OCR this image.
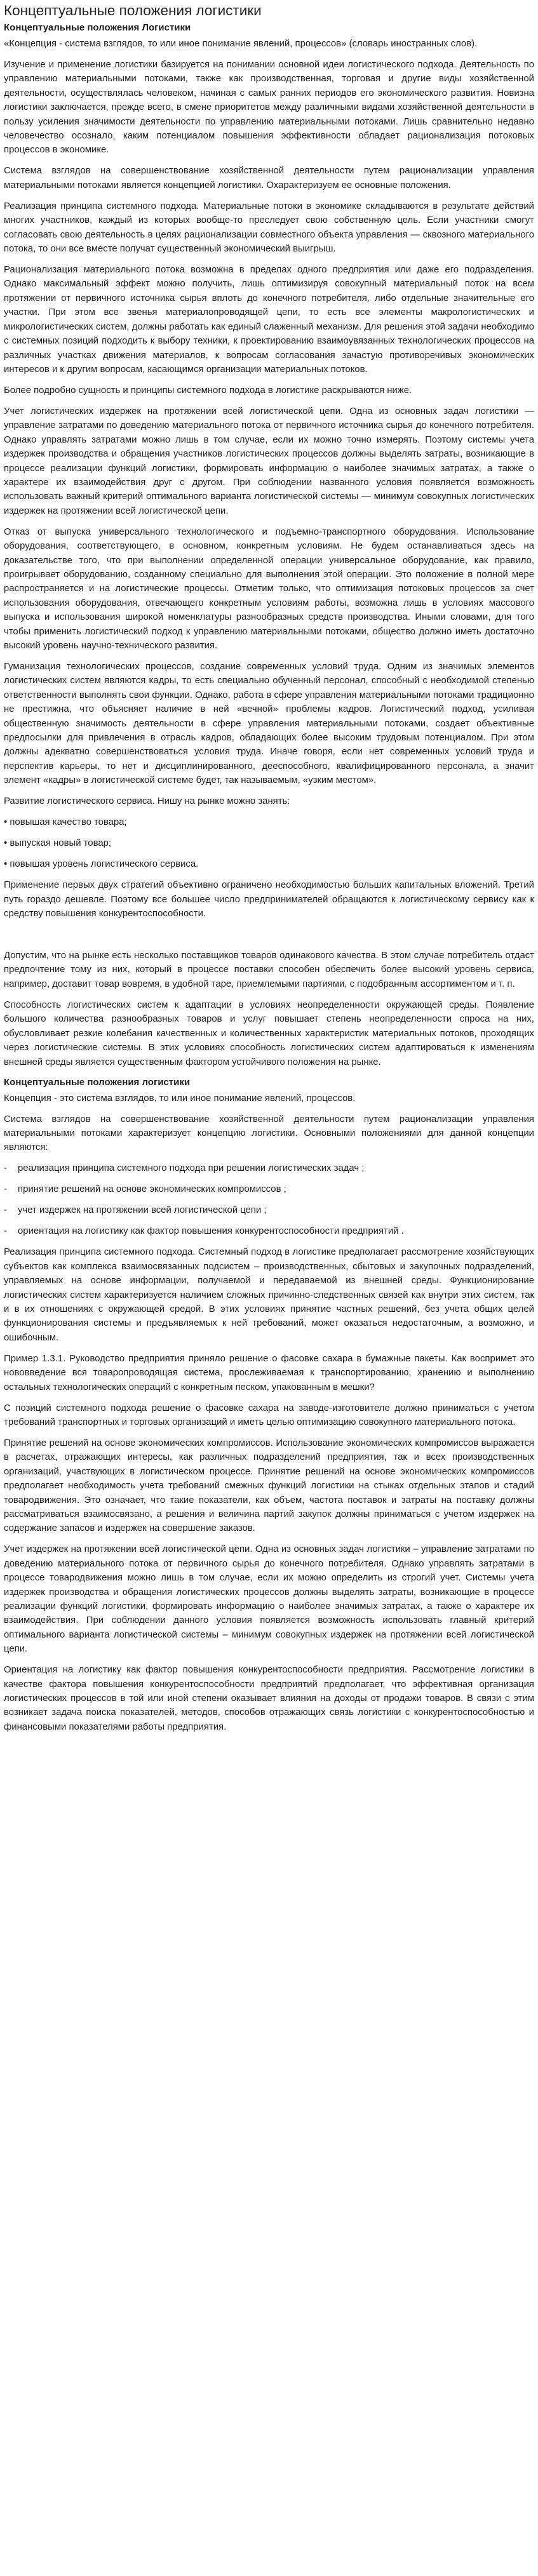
Концептуальные положения логистики
Концептуальные положения Логистики

«Концепция - система взглядов, то или иное понимание явлений, процессов» (словарь иностранных слов).

Изучение и применение логистики базируется на понимании основной идеи логистического подхода. Деятельность по управлению материальными потоками, также как производственная, торговая и другие виды хозяйственной деятельности, осуществлялась человеком, начиная с самых ранних периодов его экономического развития. Новизна логистики заключается, прежде всего, в смене приоритетов между различными видами хозяйственной деятельности в пользу усиления значимости деятельности по управлению материальными потоками. Лишь сравнительно недавно человечество осознало, каким потенциалом повышения эффективности обладает рационализация потоковых процессов в экономике.

Система взглядов на совершенствование хозяйственной деятельности путем рационализации управления материальными потоками является концепцией логистики. Охарактеризуем ее основные положения.

Реализация принципа системного подхода. Материальные потоки в экономике складываются в результате действий многих участников, каждый из которых вообще-то преследует свою собственную цель. Если участники смогут согласовать свою деятельность в целях рационализации совместного объекта управления — сквозного материального потока, то они все вместе получат существенный экономический выигрыш.

Рационализация материального потока возможна в пределах одного предприятия или даже его подразделения. Однако максимальный эффект можно получить, лишь оптимизируя совокупный материальный поток на всем протяжении от первичного источника сырья вплоть до конечного потребителя, либо отдельные значительные его участки. При этом все звенья материалопроводящей цепи, то есть все элементы макрологистических и микрологистических систем, должны работать как единый слаженный механизм. Для решения этой задачи необходимо с системных позиций подходить к выбору техники, к проектированию взаимоувязанных технологических процессов на различных участках движения материалов, к вопросам согласования зачастую противоречивых экономических интересов и к другим вопросам, касающимся организации материальных потоков.

Более подробно сущность и принципы системного подхода в логистике раскрываются ниже.

Учет логистических издержек на протяжении всей логистической цепи. Одна из основных задач логистики — управление затратами по доведению материального потока от первичного источника сырья до конечного потребителя. Однако управлять затратами можно лишь в том случае, если их можно точно измерять. Поэтому системы учета издержек производства и обращения участников логистических процессов должны выделять затраты, возникающие в процессе реализации функций логистики, формировать информацию о наиболее значимых затратах, а также о характере их взаимодействия друг с другом. При соблюдении названного условия появляется возможность использовать важный критерий оптимального варианта логистической системы — минимум совокупных логистических издержек на протяжении всей логистической цепи.

Отказ от выпуска универсального технологического и подъемно-транспортного оборудования. Использование оборудования, соответствующего, в основном, конкретным условиям. Не будем останавливаться здесь на доказательстве того, что при выполнении определенной операции универсальное оборудование, как правило, проигрывает оборудованию, созданному специально для выполнения этой операции. Это положение в полной мере распространяется и на логистические процессы. Отметим только, что оптимизация потоковых процессов за счет использования оборудования, отвечающего конкретным условиям работы, возможна лишь в условиях массового выпуска и использования широкой номенклатуры разнообразных средств производства. Иными словами, для того чтобы применить логистический подход к управлению материальными потоками, общество должно иметь достаточно высокий уровень научно-технического развития.

Гуманизация технологических процессов, создание современных условий труда. Одним из значимых элементов логистических систем являются кадры, то есть специально обученный персонал, способный с необходимой степенью ответственности выполнять свои функции. Однако, работа в сфере управления материальными потоками традиционно не престижна, что объясняет наличие в ней «вечной» проблемы кадров. Логистический подход, усиливая общественную значимость деятельности в сфере управления материальными потоками, создает объективные предпосылки для привлечения в отрасль кадров, обладающих более высоким трудовым потенциалом. При этом должны адекватно совершенствоваться условия труда. Иначе говоря, если нет современных условий труда и перспектив карьеры, то нет и дисциплинированного, дееспособного, квалифицированного персонала, а значит элемент «кадры» в логистической системе будет, так называемым, «узким местом».

Развитие логистического сервиса. Нишу на рынке можно занять:

• повышая качество товара;
• выпуская новый товар;
• повышая уровень логистического сервиса.

Применение первых двух стратегий объективно ограничено необходимостью больших капитальных вложений. Третий путь гораздо дешевле. Поэтому все большее число предпринимателей обращаются к логистическому сервису как к средству повышения конкурентоспособности.

Допустим, что на рынке есть несколько поставщиков товаров одинакового качества. В этом случае потребитель отдаст предпочтение тому из них, который в процессе поставки способен обеспечить более высокий уровень сервиса, например, доставит товар вовремя, в удобной таре, приемлемыми партиями, с подобранным ассортиментом и т. п.

Способность логистических систем к адаптации в условиях неопределенности окружающей среды. Появление большого количества разнообразных товаров и услуг повышает степень неопределенности спроса на них, обусловливает резкие колебания качественных и количественных характеристик материальных потоков, проходящих через логистические системы. В этих условиях способность логистических систем адаптироваться к изменениям внешней среды является существенным фактором устойчивого положения на рынке.

Концептуальные положения логистики

Концепция - это система взглядов, то или иное понимание явлений, процессов.

Система взглядов на совершенствование хозяйственной деятельности путем рационализации управления материальными потоками характеризует концепцию логистики. Основными положениями для данной концепции являются:

- реализация принципа системного подхода при решении логистических задач ;
- принятие решений на основе экономических компромиссов ;
- учет издержек на протяжении всей логистической цепи ;
- ориентация на логистику как фактор повышения конкурентоспособности предприятий .

Реализация принципа системного подхода. Системный подход в логистике предполагает рассмотрение хозяйствующих субъектов как комплекса взаимосвязанных подсистем – производственных, сбытовых и закупочных подразделений, управляемых на основе информации, получаемой и передаваемой из внешней среды. Функционирование логистических систем характеризуется наличием сложных причинно-следственных связей как внутри этих систем, так и в их отношениях с окружающей средой. В этих условиях принятие частных решений, без учета общих целей функционирования системы и предъявляемых к ней требований, может оказаться недостаточным, а возможно, и ошибочным.

Пример 1.3.1. Руководство предприятия приняло решение о фасовке сахара в бумажные пакеты. Как воспримет это нововведение вся товаропроводящая система, прослеживаемая к транспортированию, хранению и выполнению остальных технологических операций с конкретным песком, упакованным в мешки?

С позиций системного подхода решение о фасовке сахара на заводе-изготовителе должно приниматься с учетом требований транспортных и торговых организаций и иметь целью оптимизацию совокупного материального потока.

Принятие решений на основе экономических компромиссов. Использование экономических компромиссов выражается в расчетах, отражающих интересы, как различных подразделений предприятия, так и всех производственных организаций, участвующих в логистическом процессе. Принятие решений на основе экономических компромиссов предполагает необходимость учета требований смежных функций логистики на стыках отдельных этапов и стадий товародвижения. Это означает, что такие показатели, как объем, частота поставок и затраты на поставку должны рассматриваться взаимосвязано, а решения и величина партий закупок должны приниматься с учетом издержек на содержание запасов и издержек на совершение заказов.

Учет издержек на протяжении всей логистической цепи. Одна из основных задач логистики – управление затратами по доведению материального потока от первичного сырья до конечного потребителя. Однако управлять затратами в процессе товародвижения можно лишь в том случае, если их можно определить из строгий учет. Системы учета издержек производства и обращения логистических процессов должны выделять затраты, возникающие в процессе реализации функций логистики, формировать информацию о наиболее значимых затратах, а также о характере их взаимодействия. При соблюдении данного условия появляется возможность использовать главный критерий оптимального варианта логистической системы – минимум совокупных издержек на протяжении всей логистической цепи.

Ориентация на логистику как фактор повышения конкурентоспособности предприятия. Рассмотрение логистики в качестве фактора повышения конкурентоспособности предприятий предполагает, что эффективная организация логистических процессов в той или иной степени оказывает влияния на доходы от продажи товаров. В связи с этим возникает задача поиска показателей, методов, способов отражающих связь логистики с конкурентоспособностью и финансовыми показателями работы предприятия.
